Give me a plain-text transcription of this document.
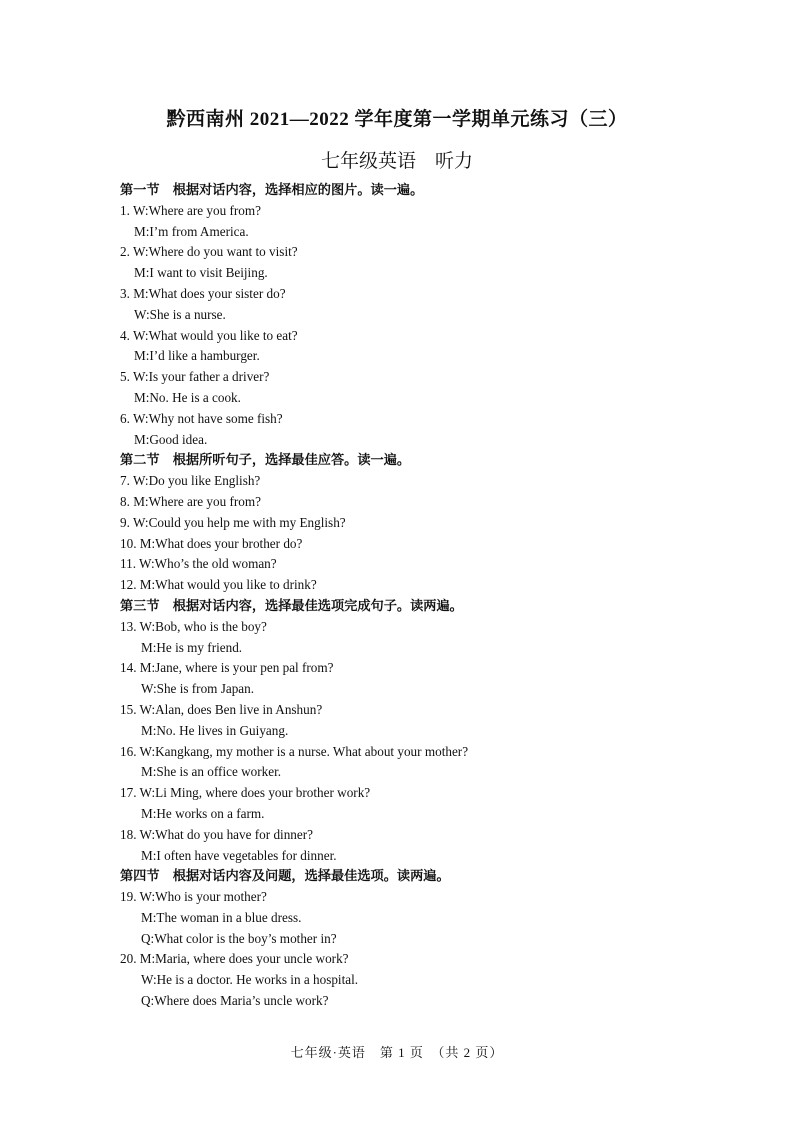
黔西南州 2021—2022 学年度第一学期单元练习（三）
七年级英语　听力
第一节　根据对话内容，选择相应的图片。读一遍。
1. W:Where are you from?
M:I’m from America.
2. W:Where do you want to visit?
M:I want to visit Beijing.
3. M:What does your sister do?
W:She is a nurse.
4. W:What would you like to eat?
M:I’d like a hamburger.
5. W:Is your father a driver?
M:No. He is a cook.
6. W:Why not have some fish?
M:Good idea.
第二节　根据所听句子，选择最佳应答。读一遍。
7. W:Do you like English?
8. M:Where are you from?
9. W:Could you help me with my English?
10. M:What does your brother do?
11. W:Who’s the old woman?
12. M:What would you like to drink?
第三节　根据对话内容，选择最佳选项完成句子。读两遍。
13. W:Bob, who is the boy?
M:He is my friend.
14. M:Jane, where is your pen pal from?
W:She is from Japan.
15. W:Alan, does Ben live in Anshun?
M:No. He lives in Guiyang.
16. W:Kangkang, my mother is a nurse. What about your mother?
M:She is an office worker.
17. W:Li Ming, where does your brother work?
M:He works on a farm.
18. W:What do you have for dinner?
M:I often have vegetables for dinner.
第四节　根据对话内容及问题，选择最佳选项。读两遍。
19. W:Who is your mother?
M:The woman in a blue dress.
Q:What color is the boy’s mother in?
20. M:Maria, where does your uncle work?
W:He is a doctor. He works in a hospital.
Q:Where does Maria’s uncle work?
七年级·英语　第 1 页　（共 2 页）
